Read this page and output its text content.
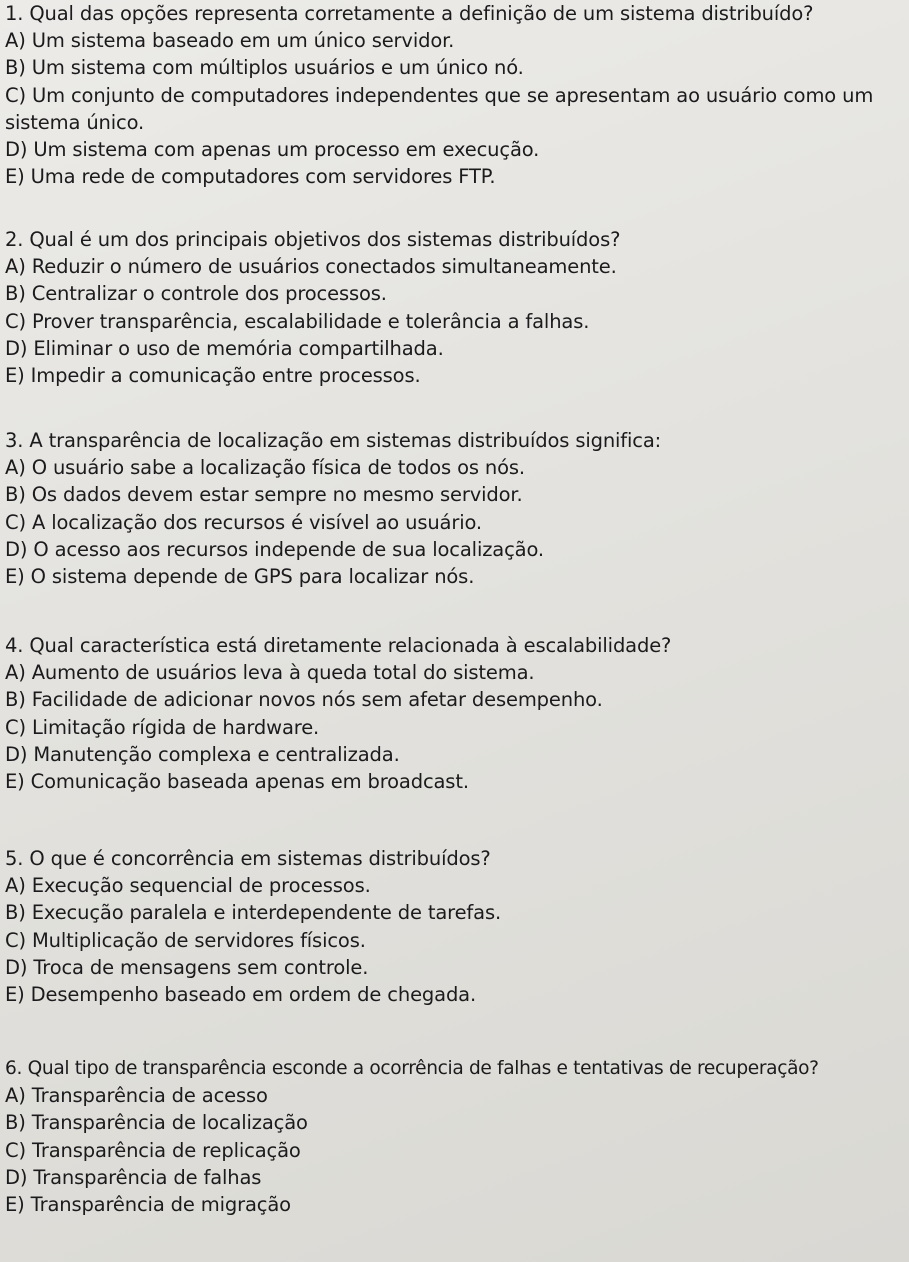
1. Qual das opções representa corretamente a definição de um sistema distribuído?
A) Um sistema baseado em um único servidor.
B) Um sistema com múltiplos usuários e um único nó.
C) Um conjunto de computadores independentes que se apresentam ao usuário como um sistema único.
D) Um sistema com apenas um processo em execução.
E) Uma rede de computadores com servidores FTP.
2. Qual é um dos principais objetivos dos sistemas distribuídos?
A) Reduzir o número de usuários conectados simultaneamente.
B) Centralizar o controle dos processos.
C) Prover transparência, escalabilidade e tolerância a falhas.
D) Eliminar o uso de memória compartilhada.
E) Impedir a comunicação entre processos.
3. A transparência de localização em sistemas distribuídos significa:
A) O usuário sabe a localização física de todos os nós.
B) Os dados devem estar sempre no mesmo servidor.
C) A localização dos recursos é visível ao usuário.
D) O acesso aos recursos independe de sua localização.
E) O sistema depende de GPS para localizar nós.
4. Qual característica está diretamente relacionada à escalabilidade?
A) Aumento de usuários leva à queda total do sistema.
B) Facilidade de adicionar novos nós sem afetar desempenho.
C) Limitação rígida de hardware.
D) Manutenção complexa e centralizada.
E) Comunicação baseada apenas em broadcast.
5. O que é concorrência em sistemas distribuídos?
A) Execução sequencial de processos.
B) Execução paralela e interdependente de tarefas.
C) Multiplicação de servidores físicos.
D) Troca de mensagens sem controle.
E) Desempenho baseado em ordem de chegada.
6. Qual tipo de transparência esconde a ocorrência de falhas e tentativas de recuperação?
A) Transparência de acesso
B) Transparência de localização
C) Transparência de replicação
D) Transparência de falhas
E) Transparência de migração
